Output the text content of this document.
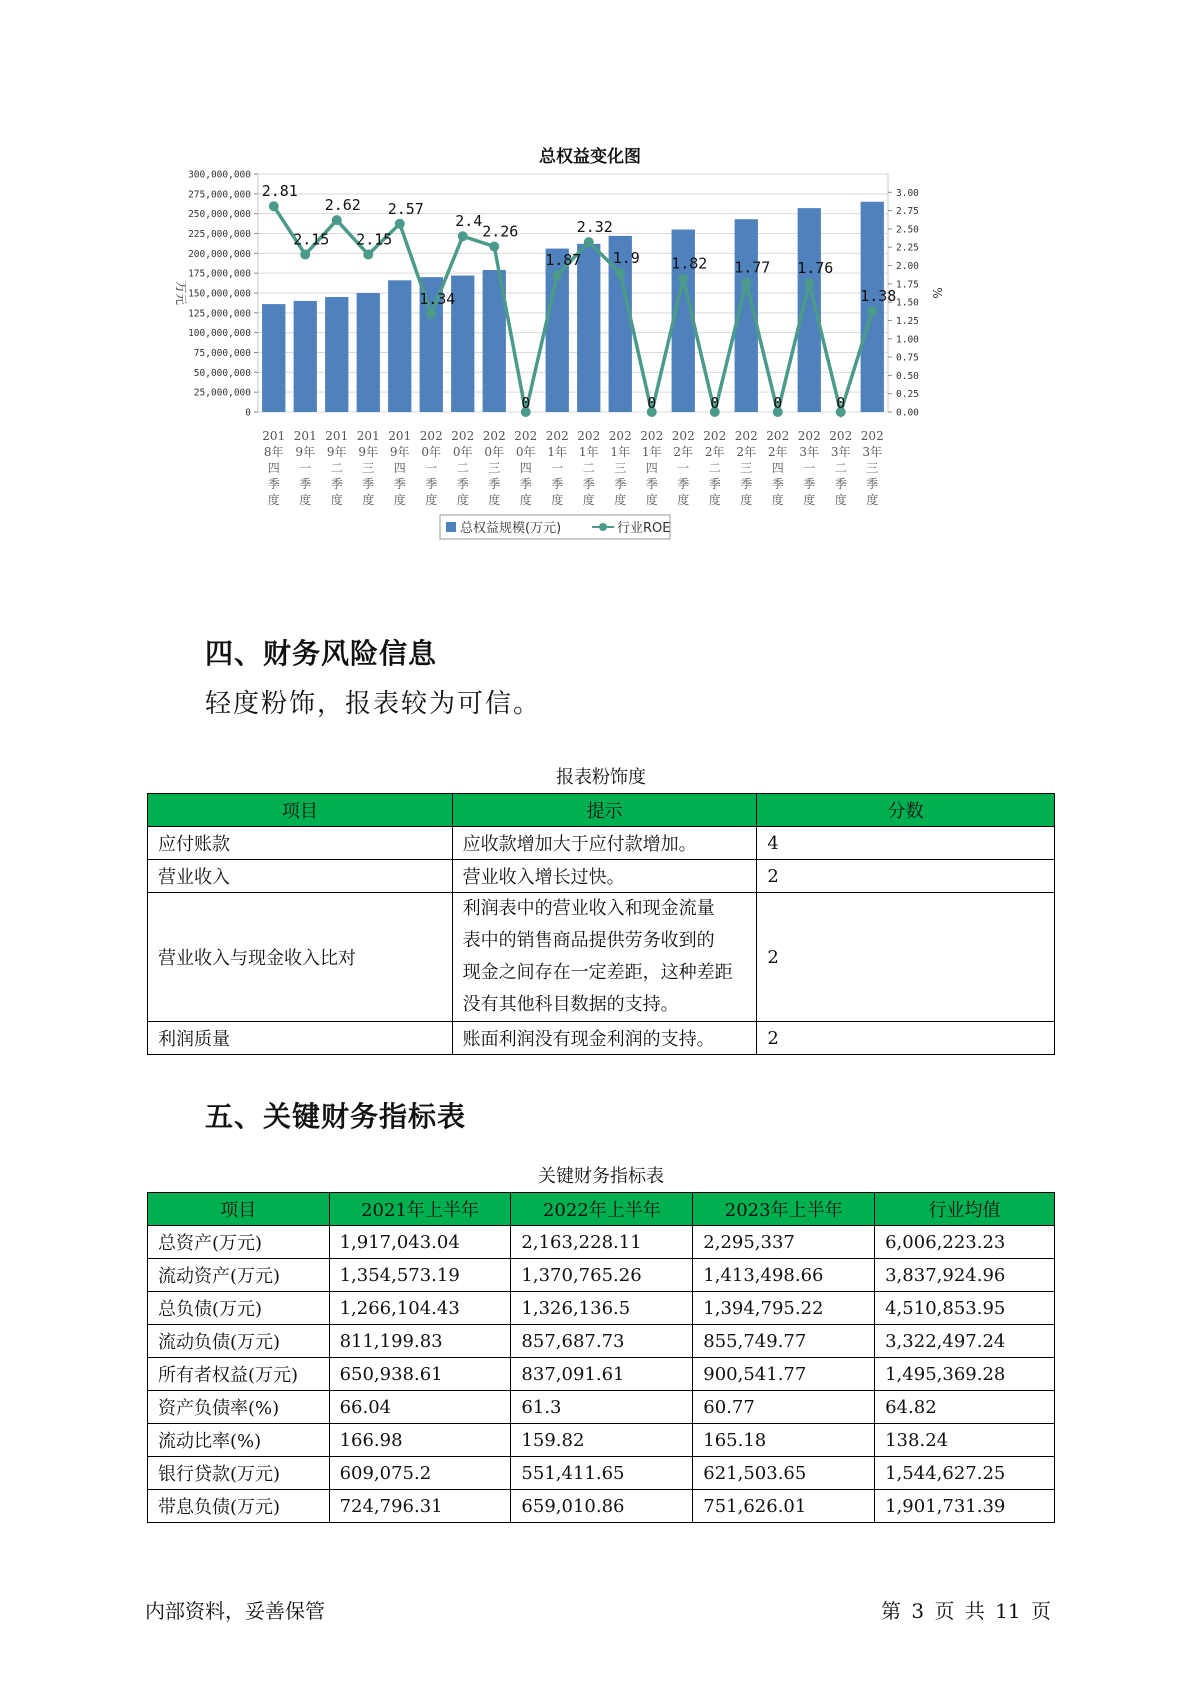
总权益变化图
0
25,000,000
50,000,000
75,000,000
100,000,000
125,000,000
150,000,000
175,000,000
200,000,000
225,000,000
250,000,000
275,000,000
300,000,000
0.00
0.25
0.50
0.75
1.00
1.25
1.50
1.75
2.00
2.25
2.50
2.75
3.00
万元	%
2.81
2.15
2.62
2.15
2.57
1.34
2.4
2.26
0
1.87
2.32
1.9
0
1.82
0
1.77
0
1.76
0
1.38
201
8年
四
季
度
201
9年
一
季
度
201
9年
二
季
度
201
9年
三
季
度
201
9年
四
季
度
202
0年
一
季
度
202
0年
二
季
度
202
0年
三
季
度
202
0年
四
季
度
202
1年
一
季
度
202
1年
二
季
度
202
1年
三
季
度
202
1年
四
季
度
202
2年
一
季
度
202
2年
二
季
度
202
2年
三
季
度
202
2年
四
季
度
202
3年
一
季
度
202
3年
二
季
度
202
3年
三
季
度
总权益规模(万元)	行业ROE
四、财务风险信息
轻度粉饰，报表较为可信。
报表粉饰度
项目	提示	分数
应付账款	应收款增加大于应付款增加。	4
营业收入	营业收入增长过快。	2
营业收入与现金收入比对	利润表中的营业收入和现金流量
表中的销售商品提供劳务收到的
现金之间存在一定差距，这种差距
没有其他科目数据的支持。	2
利润质量	账面利润没有现金利润的支持。	2
五、关键财务指标表
关键财务指标表
项目	2021年上半年	2022年上半年	2023年上半年	行业均值
总资产(万元)	1,917,043.04	2,163,228.11	2,295,337	6,006,223.23
流动资产(万元)	1,354,573.19	1,370,765.26	1,413,498.66	3,837,924.96
总负债(万元)	1,266,104.43	1,326,136.5	1,394,795.22	4,510,853.95
流动负债(万元)	811,199.83	857,687.73	855,749.77	3,322,497.24
所有者权益(万元)	650,938.61	837,091.61	900,541.77	1,495,369.28
资产负债率(%)	66.04	61.3	60.77	64.82
流动比率(%)	166.98	159.82	165.18	138.24
银行贷款(万元)	609,075.2	551,411.65	621,503.65	1,544,627.25
带息负债(万元)	724,796.31	659,010.86	751,626.01	1,901,731.39
内部资料，妥善保管	第 3 页 共 11 页
